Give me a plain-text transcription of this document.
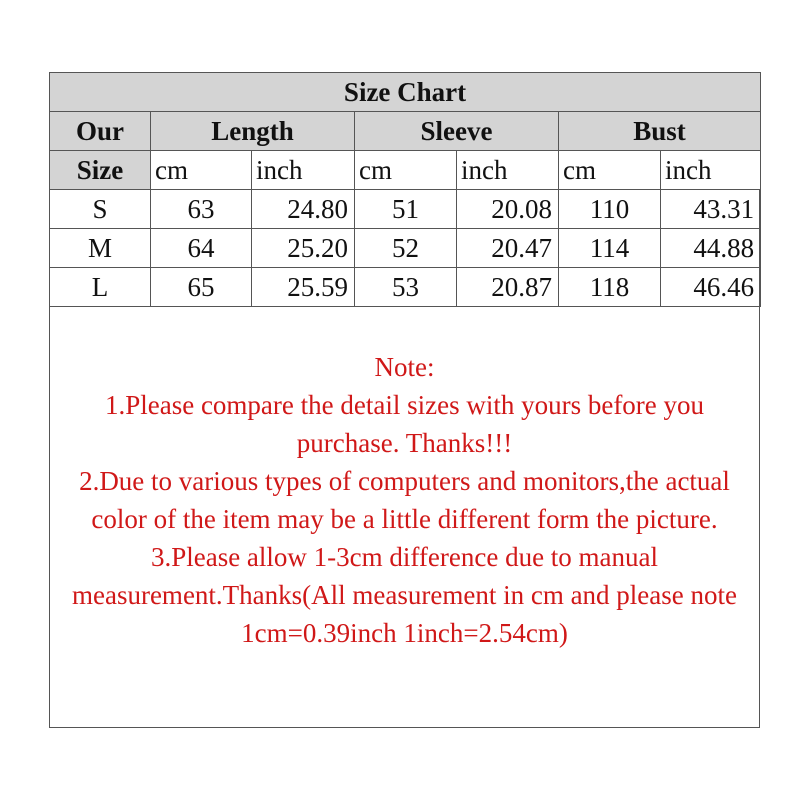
Size Chart						
Our	Length		Sleeve		Bust	
Size	cm	inch	cm	inch	cm	inch
S	63	24.80	51	20.08	110	43.31
M	64	25.20	52	20.47	114	44.88
L	65	25.59	53	20.87	118	46.46
Note:
1.Please compare the detail sizes with yours before you purchase. Thanks!!!
2.Due to various types of computers and monitors,the actual color of the item may be a little different form the picture.
3.Please allow 1-3cm difference due to manual measurement.Thanks(All measurement in cm and please note 1cm=0.39inch 1inch=2.54cm)
